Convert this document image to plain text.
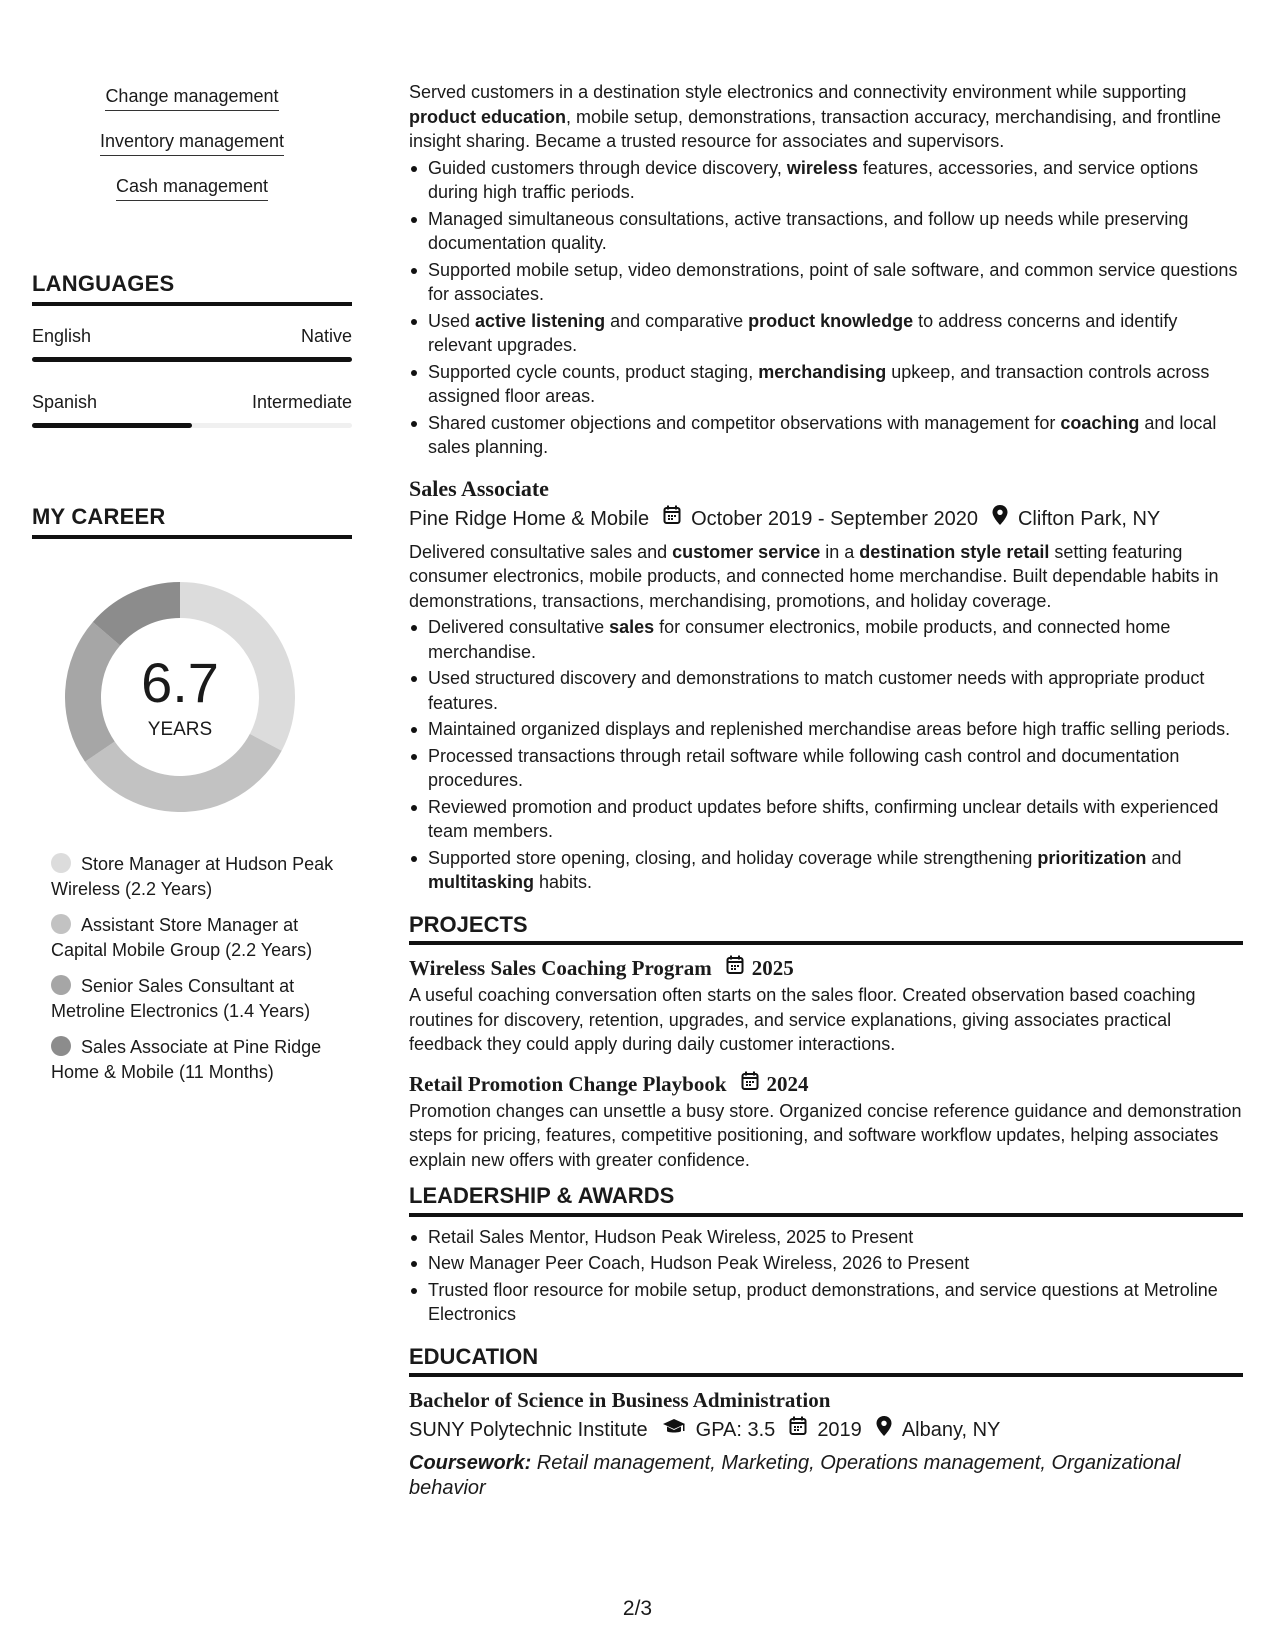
Change management
Inventory management
Cash management
LANGUAGES
English	Native
Spanish	Intermediate
MY CAREER
6.7
YEARS
Store Manager at Hudson Peak Wireless (2.2 Years)
Assistant Store Manager at Capital Mobile Group (2.2 Years)
Senior Sales Consultant at Metroline Electronics (1.4 Years)
Sales Associate at Pine Ridge Home & Mobile (11 Months)
Served customers in a destination style electronics and connectivity environment while supporting product education, mobile setup, demonstrations, transaction accuracy, merchandising, and frontline insight sharing. Became a trusted resource for associates and supervisors.
Guided customers through device discovery, wireless features, accessories, and service options during high traffic periods.
Managed simultaneous consultations, active transactions, and follow up needs while preserving documentation quality.
Supported mobile setup, video demonstrations, point of sale software, and common service questions for associates.
Used active listening and comparative product knowledge to address concerns and identify relevant upgrades.
Supported cycle counts, product staging, merchandising upkeep, and transaction controls across assigned floor areas.
Shared customer objections and competitor observations with management for coaching and local sales planning.
Sales Associate
Pine Ridge Home & Mobile October 2019 - September 2020 Clifton Park, NY
Delivered consultative sales and customer service in a destination style retail setting featuring consumer electronics, mobile products, and connected home merchandise. Built dependable habits in demonstrations, transactions, merchandising, promotions, and holiday coverage.
Delivered consultative sales for consumer electronics, mobile products, and connected home merchandise.
Used structured discovery and demonstrations to match customer needs with appropriate product features.
Maintained organized displays and replenished merchandise areas before high traffic selling periods.
Processed transactions through retail software while following cash control and documentation procedures.
Reviewed promotion and product updates before shifts, confirming unclear details with experienced team members.
Supported store opening, closing, and holiday coverage while strengthening prioritization and multitasking habits.
PROJECTS
Wireless Sales Coaching Program 2025
A useful coaching conversation often starts on the sales floor. Created observation based coaching routines for discovery, retention, upgrades, and service explanations, giving associates practical feedback they could apply during daily customer interactions.
Retail Promotion Change Playbook 2024
Promotion changes can unsettle a busy store. Organized concise reference guidance and demonstration steps for pricing, features, competitive positioning, and software workflow updates, helping associates explain new offers with greater confidence.
LEADERSHIP & AWARDS
Retail Sales Mentor, Hudson Peak Wireless, 2025 to Present
New Manager Peer Coach, Hudson Peak Wireless, 2026 to Present
Trusted floor resource for mobile setup, product demonstrations, and service questions at Metroline Electronics
EDUCATION
Bachelor of Science in Business Administration
SUNY Polytechnic Institute GPA: 3.5 2019 Albany, NY
Coursework: Retail management, Marketing, Operations management, Organizational behavior
2/3
